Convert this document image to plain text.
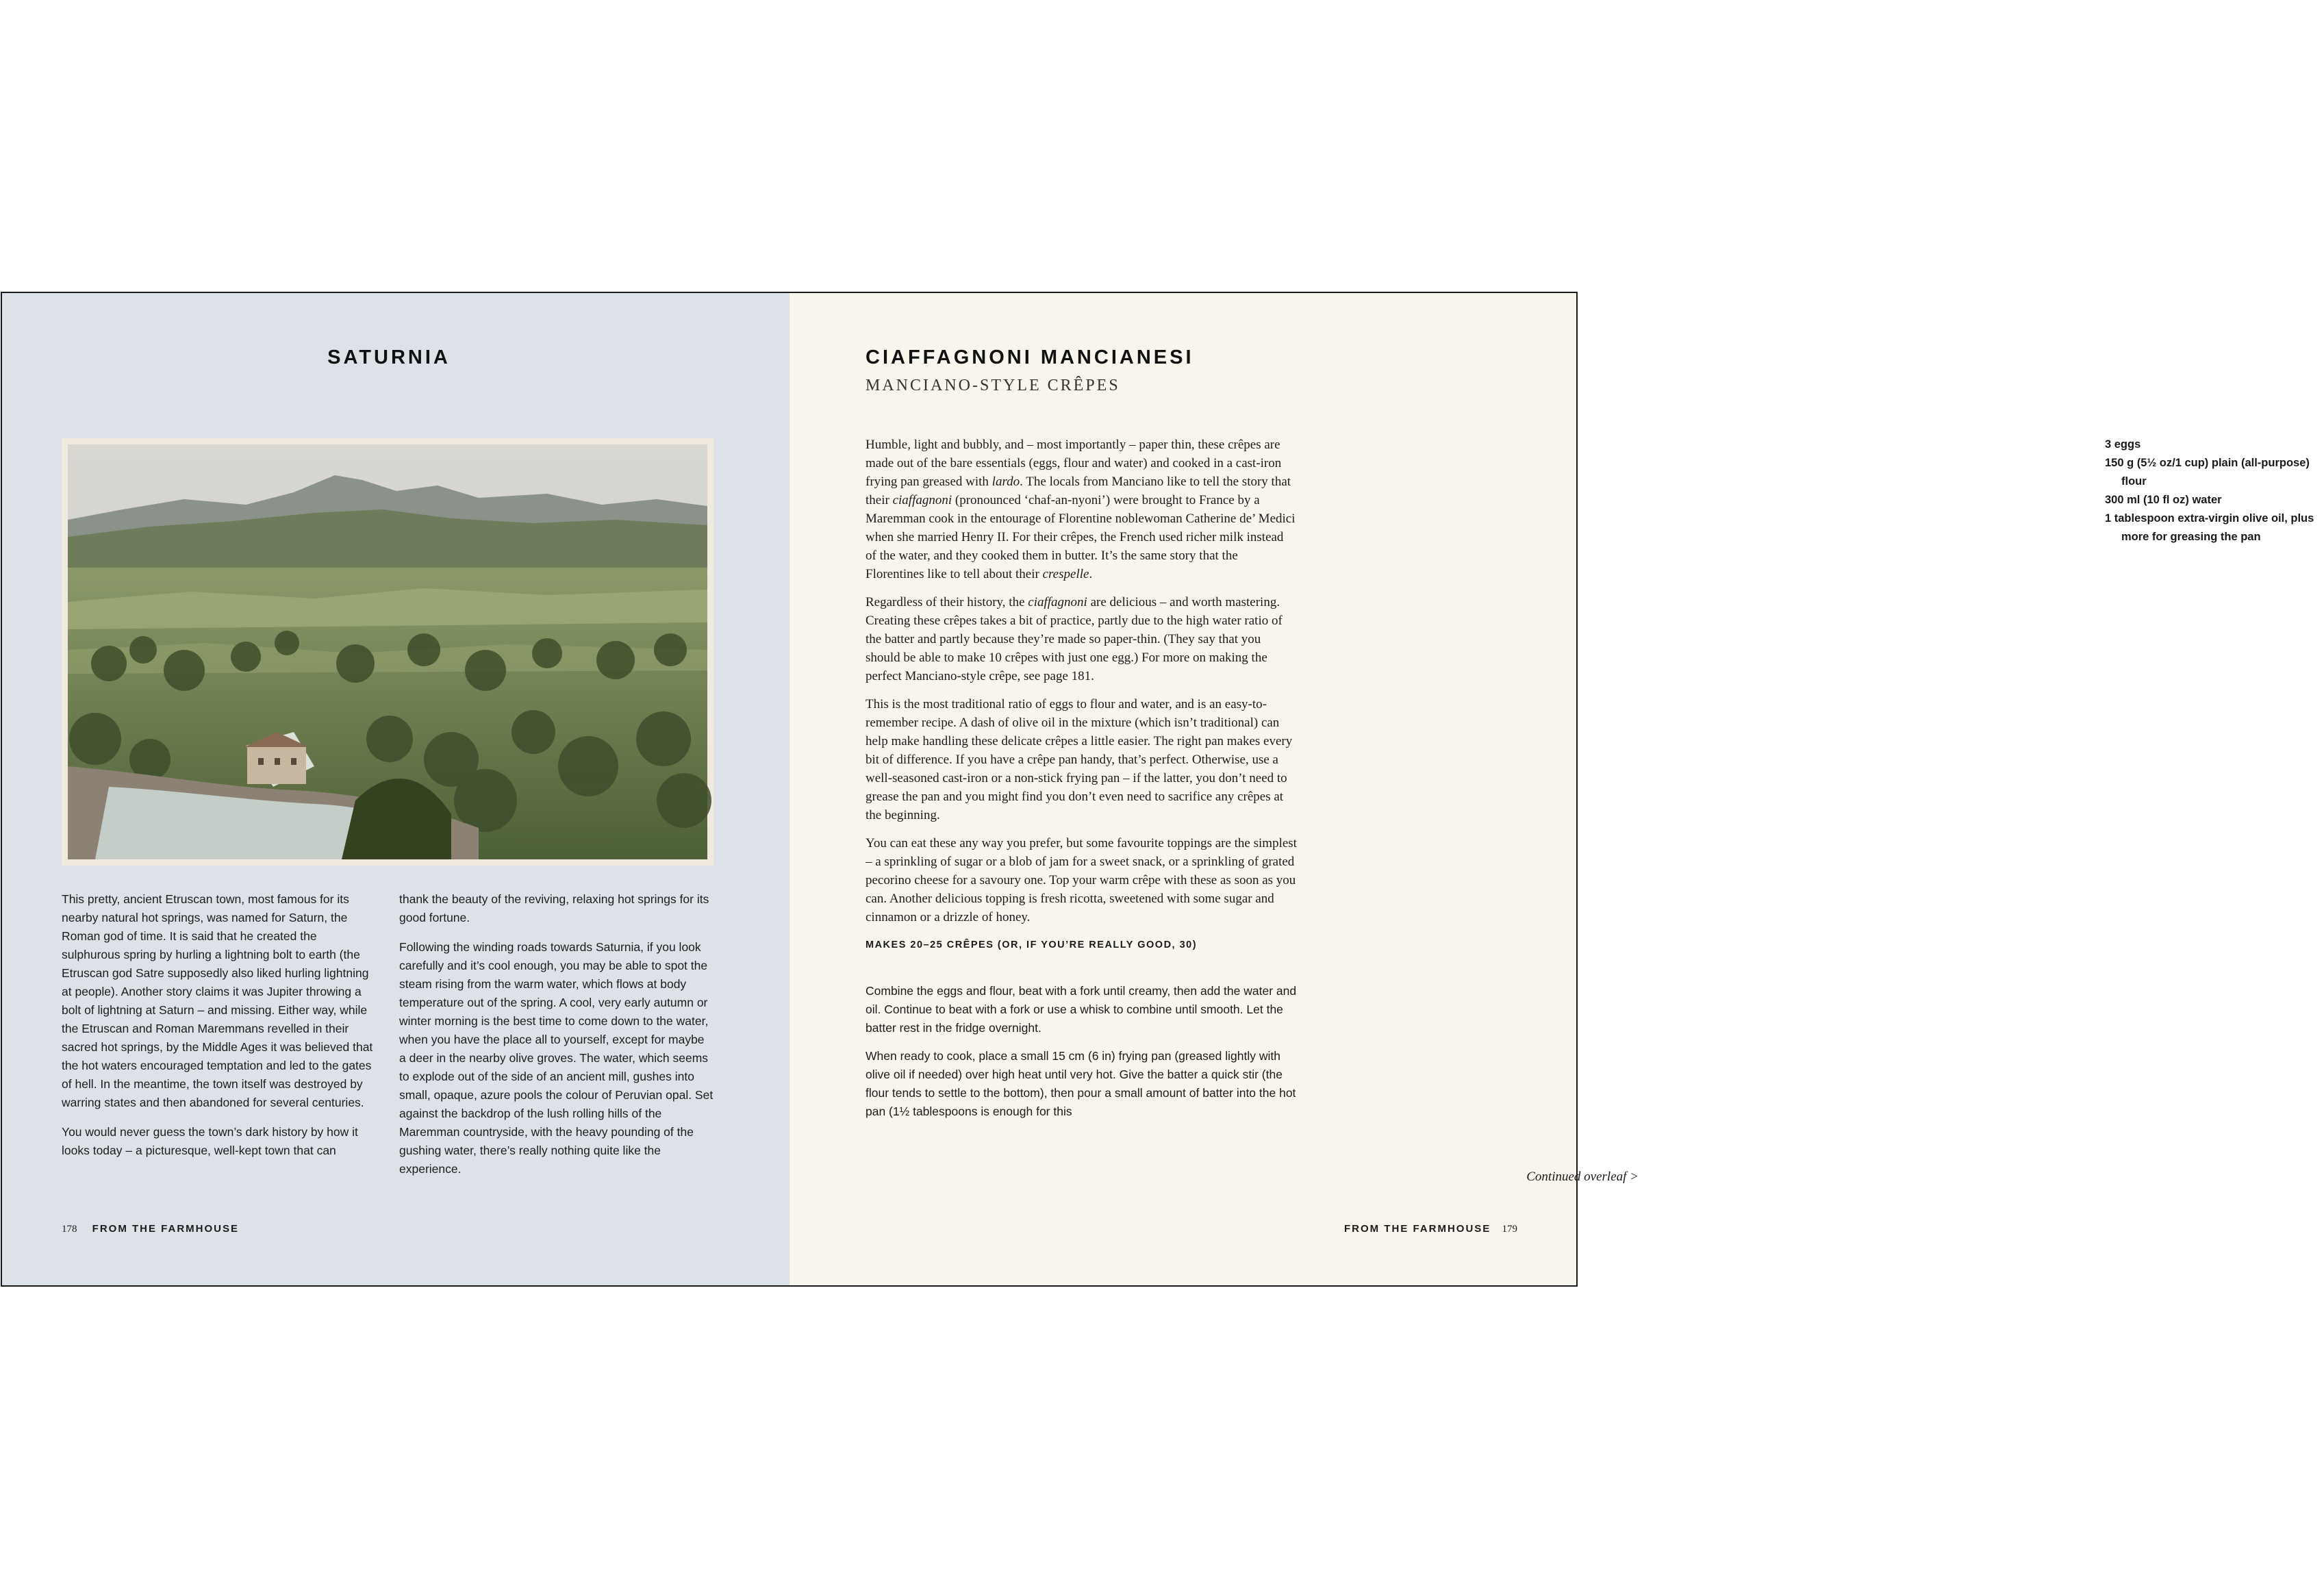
SATURNIA

This pretty, ancient Etruscan town, most famous for its nearby natural hot springs, was named for Saturn, the Roman god of time. It is said that he created the sulphurous spring by hurling a lightning bolt to earth (the Etruscan god Satre supposedly also liked hurling lightning at people). Another story claims it was Jupiter throwing a bolt of lightning at Saturn – and missing. Either way, while the Etruscan and Roman Maremmans revelled in their sacred hot springs, by the Middle Ages it was believed that the hot waters encouraged temptation and led to the gates of hell. In the meantime, the town itself was destroyed by warring states and then abandoned for several centuries.

You would never guess the town’s dark history by how it looks today – a picturesque, well-kept town that can

thank the beauty of the reviving, relaxing hot springs for its good fortune.

Following the winding roads towards Saturnia, if you look carefully and it’s cool enough, you may be able to spot the steam rising from the warm water, which flows at body temperature out of the spring. A cool, very early autumn or winter morning is the best time to come down to the water, when you have the place all to yourself, except for maybe a deer in the nearby olive groves. The water, which seems to explode out of the side of an ancient mill, gushes into small, opaque, azure pools the colour of Peruvian opal. Set against the backdrop of the lush rolling hills of the Maremman countryside, with the heavy pounding of the gushing water, there’s really nothing quite like the experience.

178 FROM THE FARMHOUSE
CIAFFAGNONI MANCIANESI
MANCIANO-STYLE CRÊPES

Humble, light and bubbly, and – most importantly – paper thin, these crêpes are made out of the bare essentials (eggs, flour and water) and cooked in a cast-iron frying pan greased with lardo. The locals from Manciano like to tell the story that their ciaffagnoni (pronounced ‘chaf-an-nyoni’) were brought to France by a Maremman cook in the entourage of Florentine noblewoman Catherine de’ Medici when she married Henry II. For their crêpes, the French used richer milk instead of the water, and they cooked them in butter. It’s the same story that the Florentines like to tell about their crespelle.

Regardless of their history, the ciaffagnoni are delicious – and worth mastering. Creating these crêpes takes a bit of practice, partly due to the high water ratio of the batter and partly because they’re made so paper-thin. (They say that you should be able to make 10 crêpes with just one egg.) For more on making the perfect Manciano-style crêpe, see page 181.

This is the most traditional ratio of eggs to flour and water, and is an easy-to-remember recipe. A dash of olive oil in the mixture (which isn’t traditional) can help make handling these delicate crêpes a little easier. The right pan makes every bit of difference. If you have a crêpe pan handy, that’s perfect. Otherwise, use a well-seasoned cast-iron or a non-stick frying pan – if the latter, you don’t need to grease the pan and you might find you don’t even need to sacrifice any crêpes at the beginning.

You can eat these any way you prefer, but some favourite toppings are the simplest – a sprinkling of sugar or a blob of jam for a sweet snack, or a sprinkling of grated pecorino cheese for a savoury one. Top your warm crêpe with these as soon as you can. Another delicious topping is fresh ricotta, sweetened with some sugar and cinnamon or a drizzle of honey.

MAKES 20–25 CRÊPES (OR, IF YOU’RE REALLY GOOD, 30)

Combine the eggs and flour, beat with a fork until creamy, then add the water and oil. Continue to beat with a fork or use a whisk to combine until smooth. Let the batter rest in the fridge overnight.

When ready to cook, place a small 15 cm (6 in) frying pan (greased lightly with olive oil if needed) over high heat until very hot. Give the batter a quick stir (the flour tends to settle to the bottom), then pour a small amount of batter into the hot pan (1½ tablespoons is enough for this

3 eggs
150 g (5½ oz/1 cup) plain (all-purpose) flour
300 ml (10 fl oz) water
1 tablespoon extra-virgin olive oil, plus more for greasing the pan
Continued overleaf >
FROM THE FARMHOUSE 179
